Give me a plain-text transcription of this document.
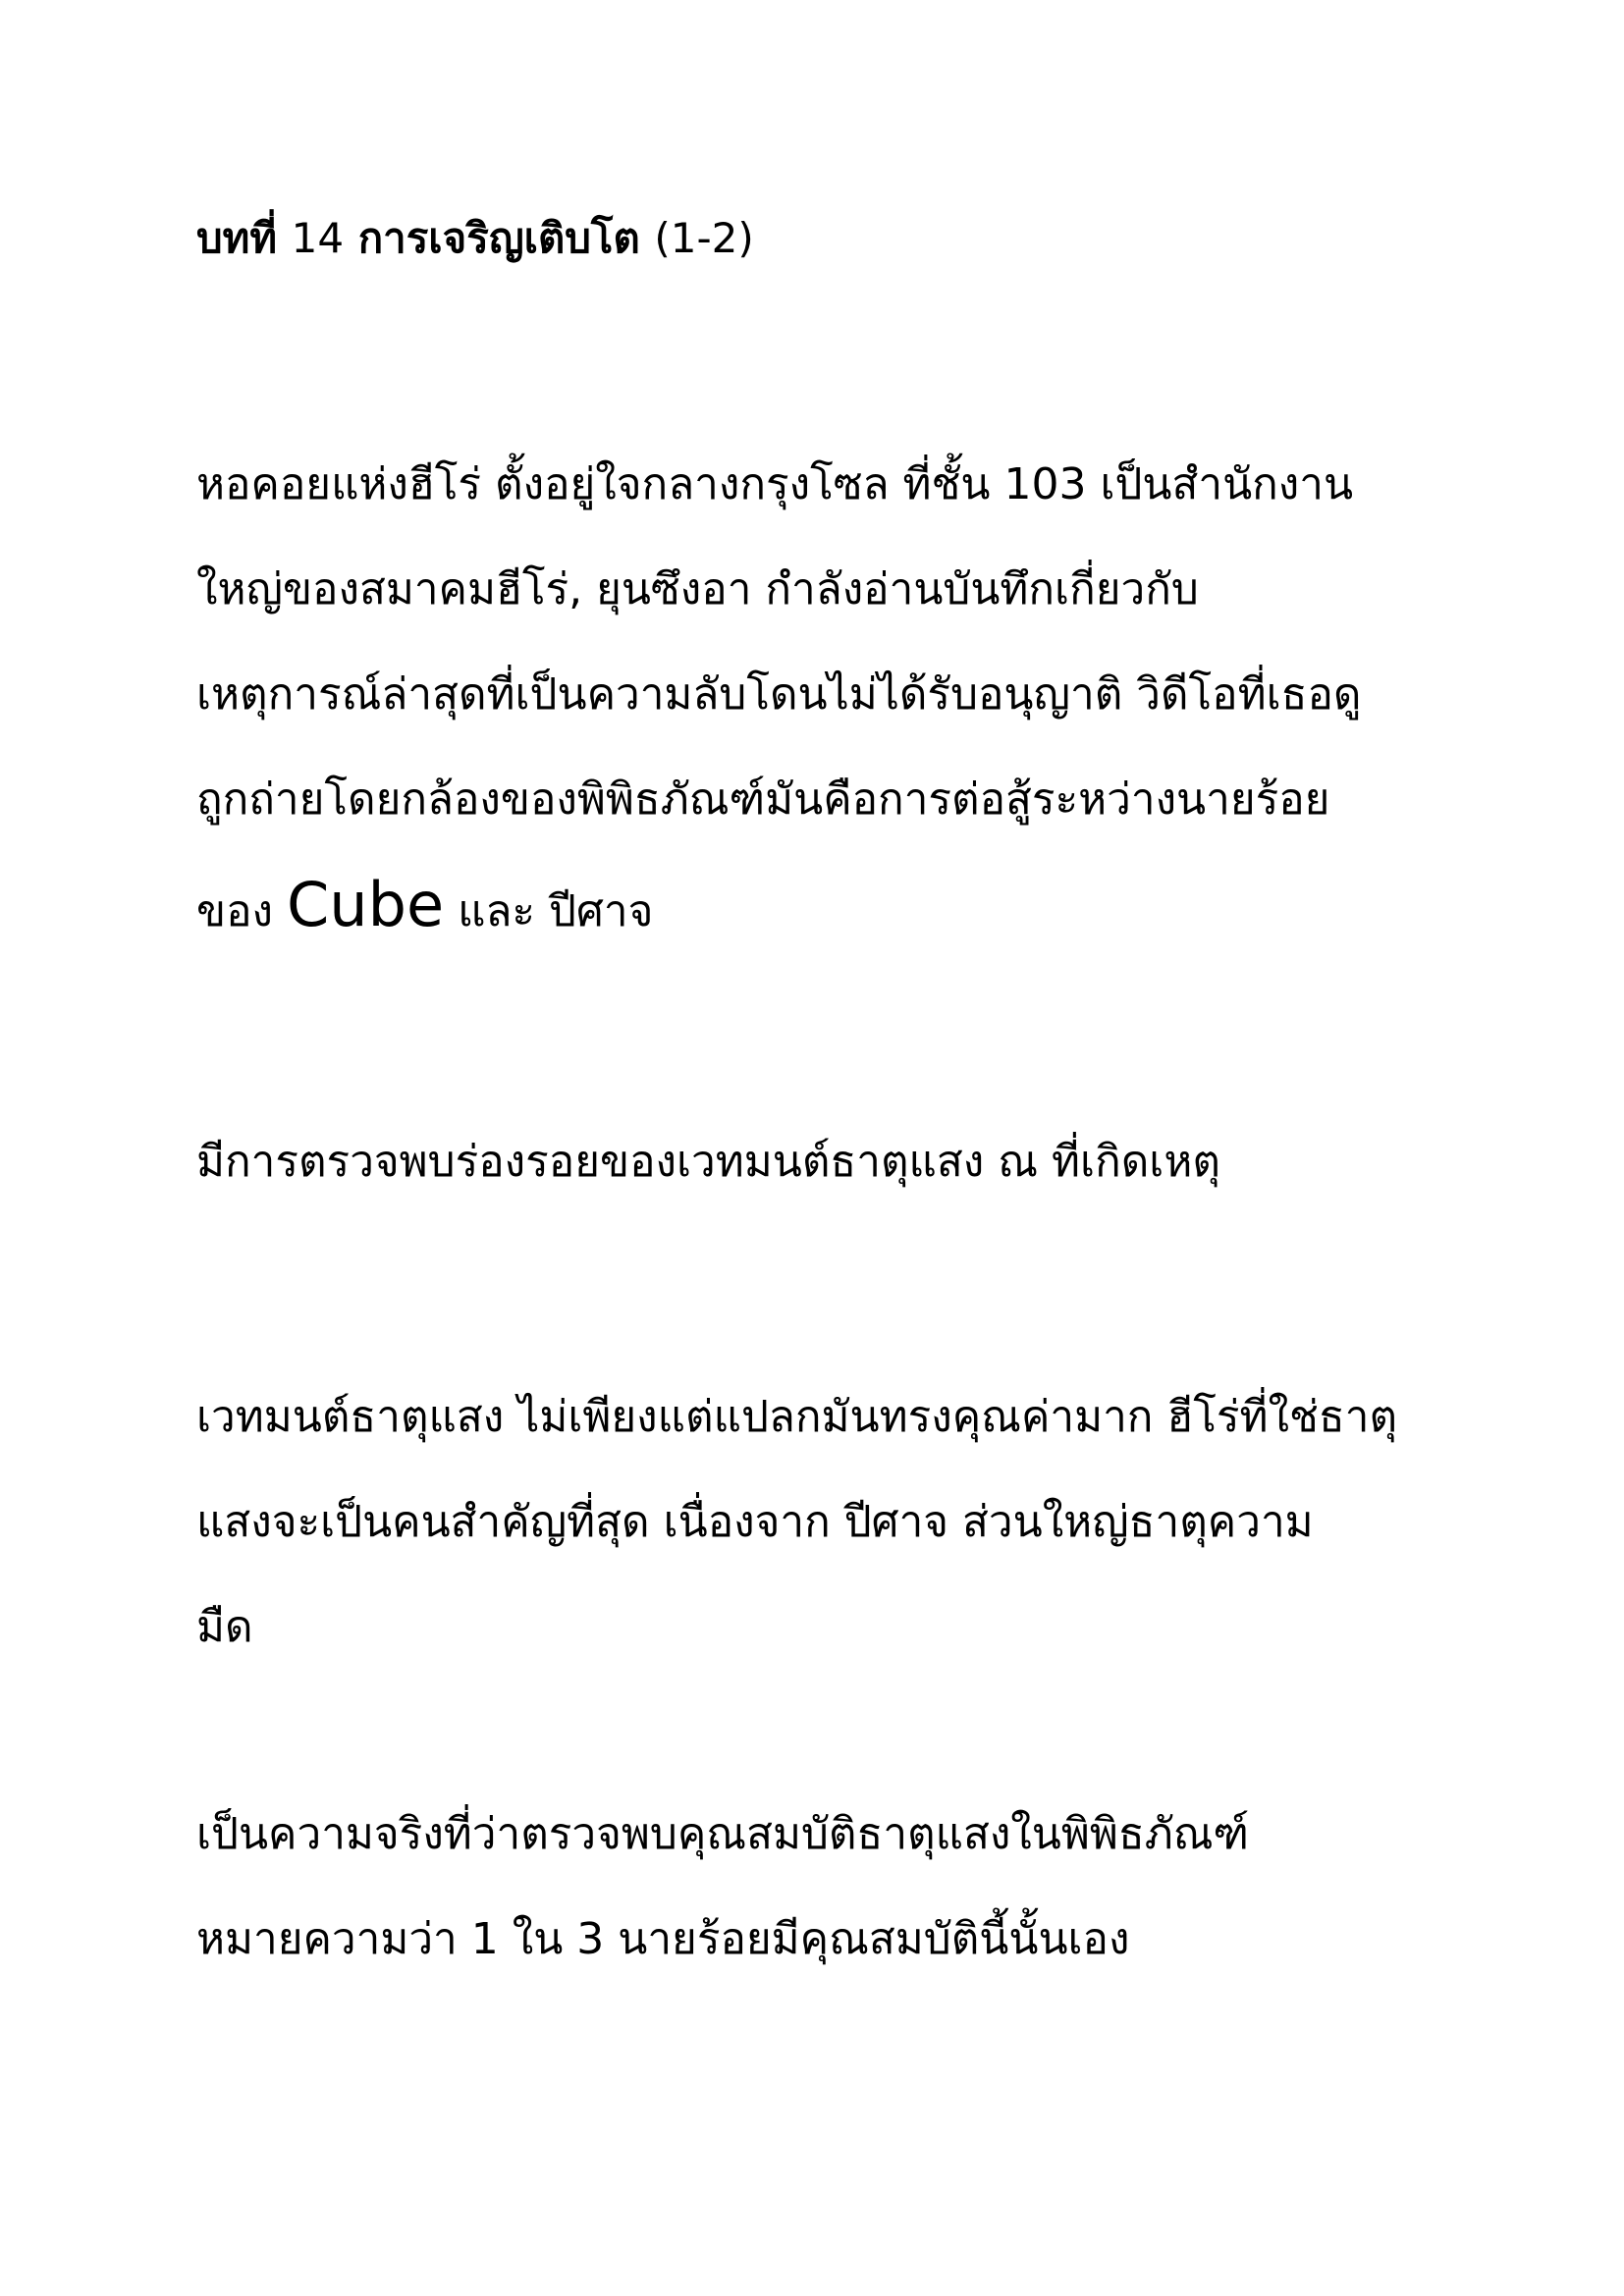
บทที่ 14 การเจริญเติบโต (1-2)

หอคอยแห่งฮีโร่ ตั้งอยู่ใจกลางกรุงโซล ที่ชั้น 103 เป็นสำนักงาน
ใหญ่ของสมาคมฮีโร่, ยุนซึงอา กำลังอ่านบันทึกเกี่ยวกับ
เหตุการณ์ล่าสุดที่เป็นความลับโดนไม่ได้รับอนุญาติ วิดีโอที่เธอดู
ถูกถ่ายโดยกล้องของพิพิธภัณฑ์มันคือการต่อสู้ระหว่างนายร้อย
ของ Cube และ ปีศาจ

มีการตรวจพบร่องรอยของเวทมนต์ธาตุแสง ณ ที่เกิดเหตุ

เวทมนต์ธาตุแสง ไม่เพียงแต่แปลกมันทรงคุณค่ามาก ฮีโร่ที่ใช่ธาตุ
แสงจะเป็นคนสำคัญที่สุด เนื่องจาก ปีศาจ ส่วนใหญ่ธาตุความ
มืด

เป็นความจริงที่ว่าตรวจพบคุณสมบัติธาตุแสงในพิพิธภัณฑ์
หมายความว่า 1 ใน 3 นายร้อยมีคุณสมบัตินี้นั้นเอง
